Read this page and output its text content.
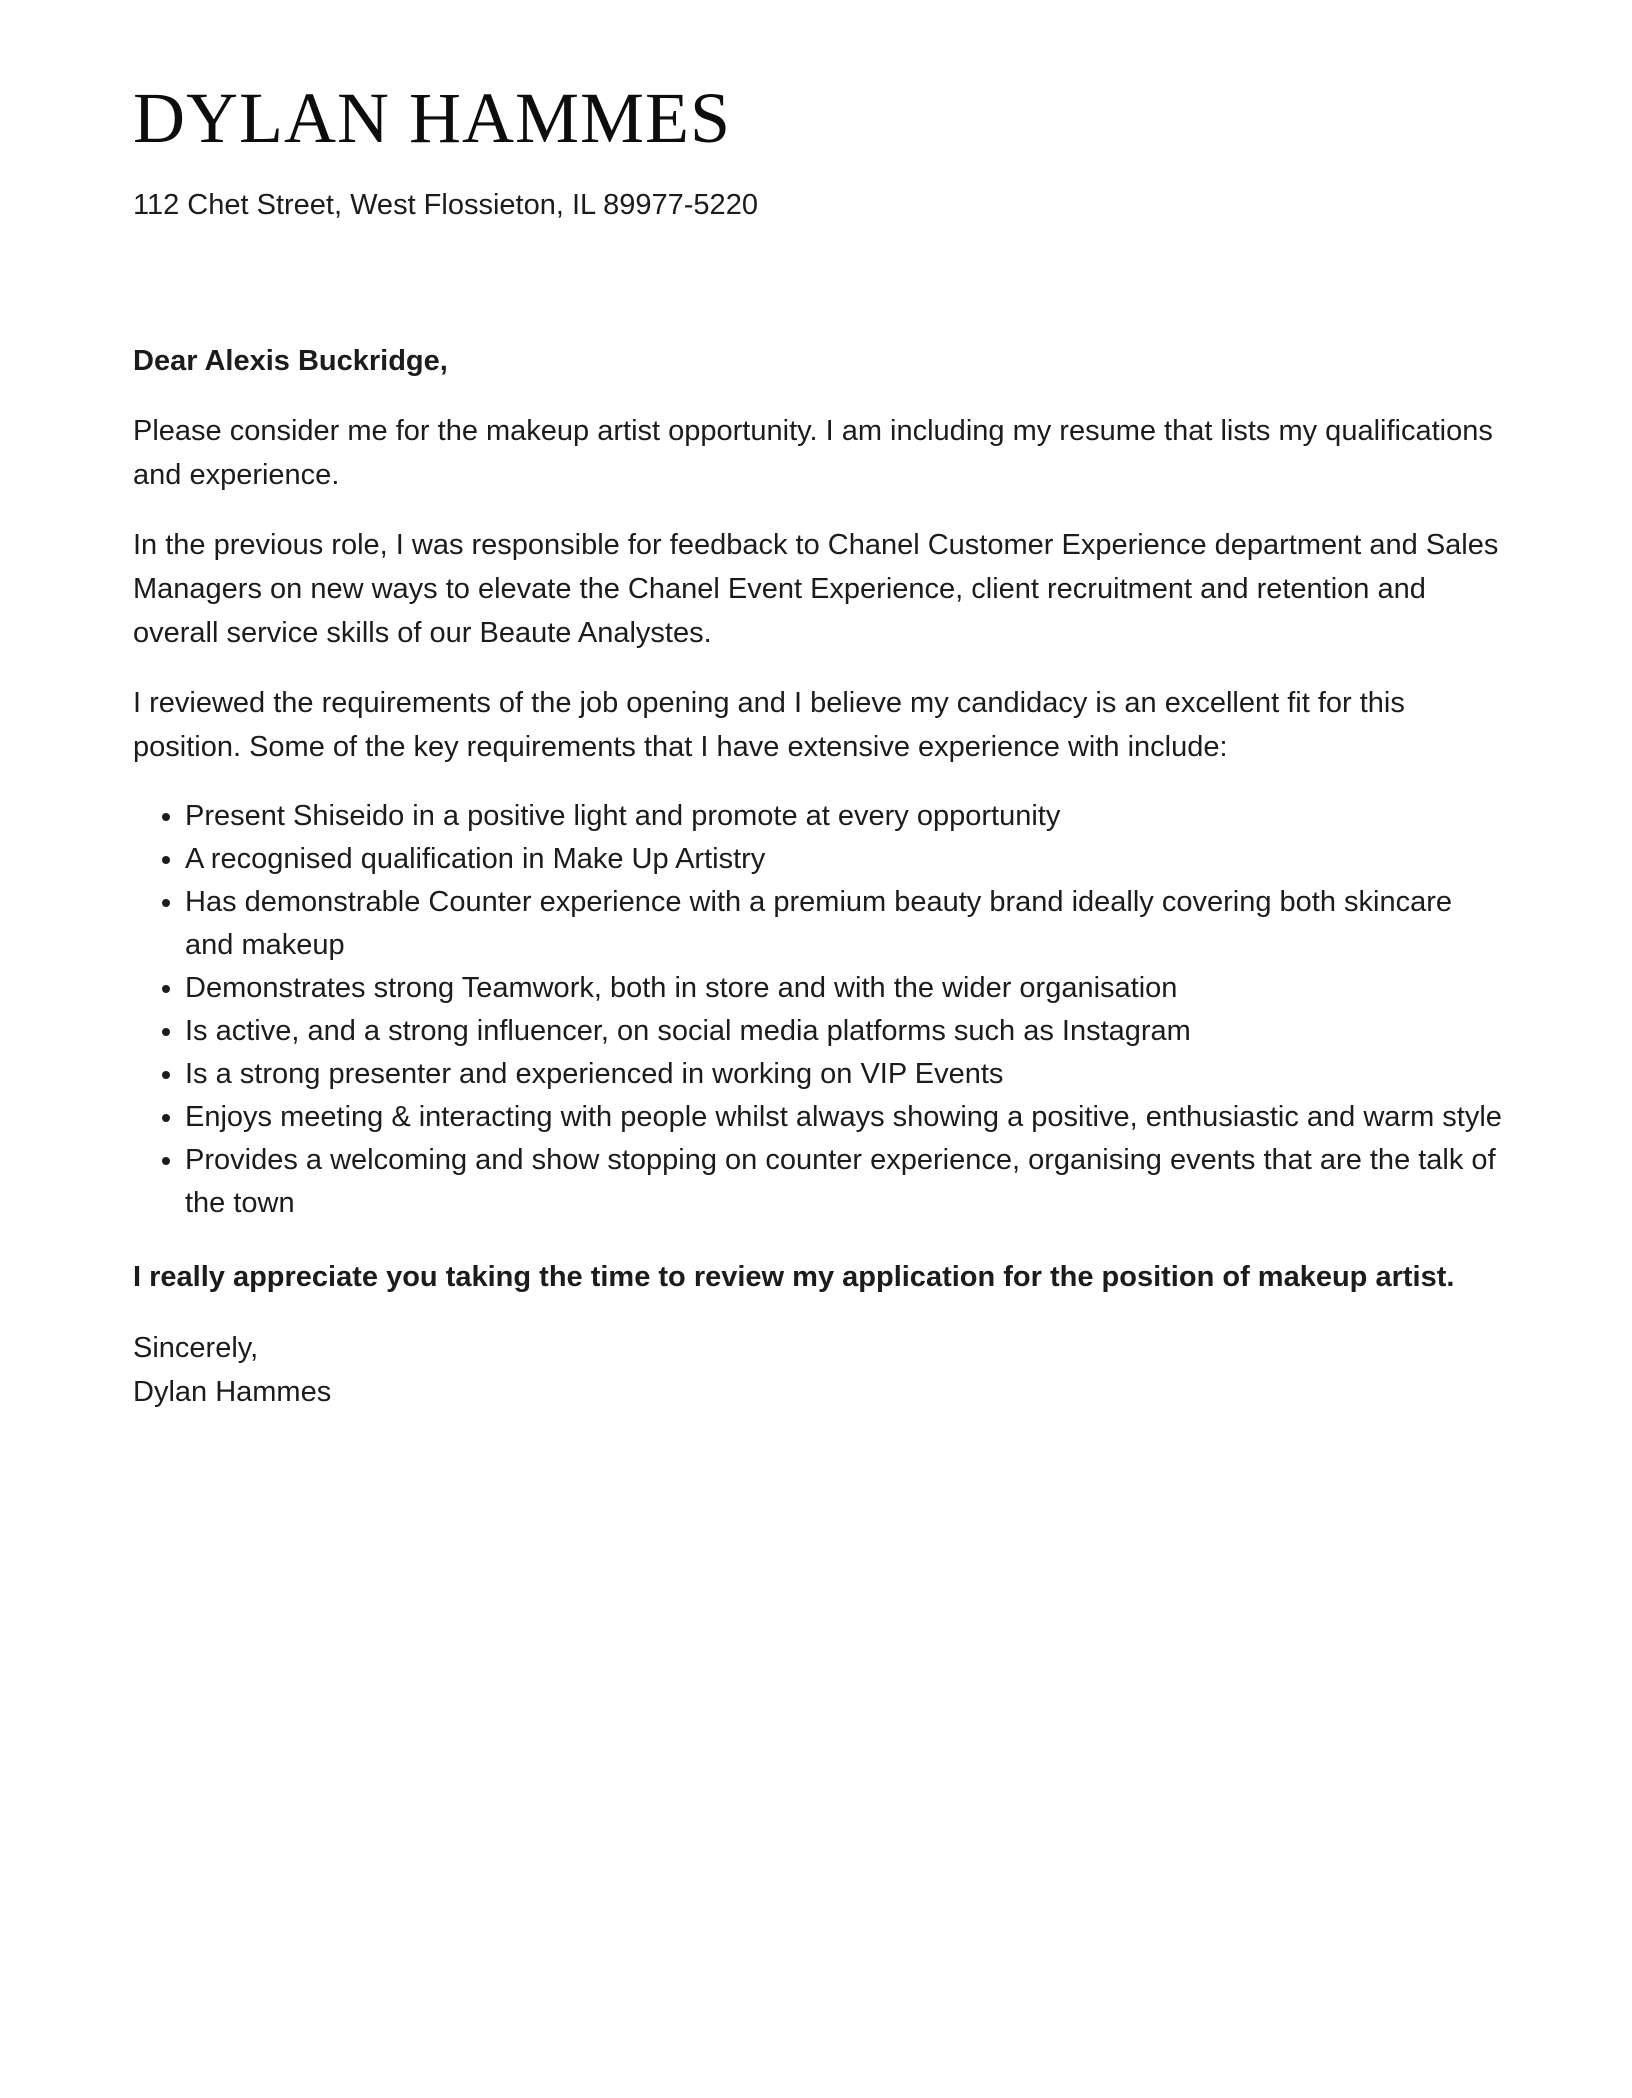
DYLAN HAMMES
112 Chet Street, West Flossieton, IL 89977-5220

Dear Alexis Buckridge,

Please consider me for the makeup artist opportunity. I am including my resume that lists my qualifications and experience.

In the previous role, I was responsible for feedback to Chanel Customer Experience department and Sales Managers on new ways to elevate the Chanel Event Experience, client recruitment and retention and overall service skills of our Beaute Analystes.

I reviewed the requirements of the job opening and I believe my candidacy is an excellent fit for this position. Some of the key requirements that I have extensive experience with include:

• Present Shiseido in a positive light and promote at every opportunity
• A recognised qualification in Make Up Artistry
• Has demonstrable Counter experience with a premium beauty brand ideally covering both skincare and makeup
• Demonstrates strong Teamwork, both in store and with the wider organisation
• Is active, and a strong influencer, on social media platforms such as Instagram
• Is a strong presenter and experienced in working on VIP Events
• Enjoys meeting & interacting with people whilst always showing a positive, enthusiastic and warm style
• Provides a welcoming and show stopping on counter experience, organising events that are the talk of the town

I really appreciate you taking the time to review my application for the position of makeup artist.

Sincerely,
Dylan Hammes
